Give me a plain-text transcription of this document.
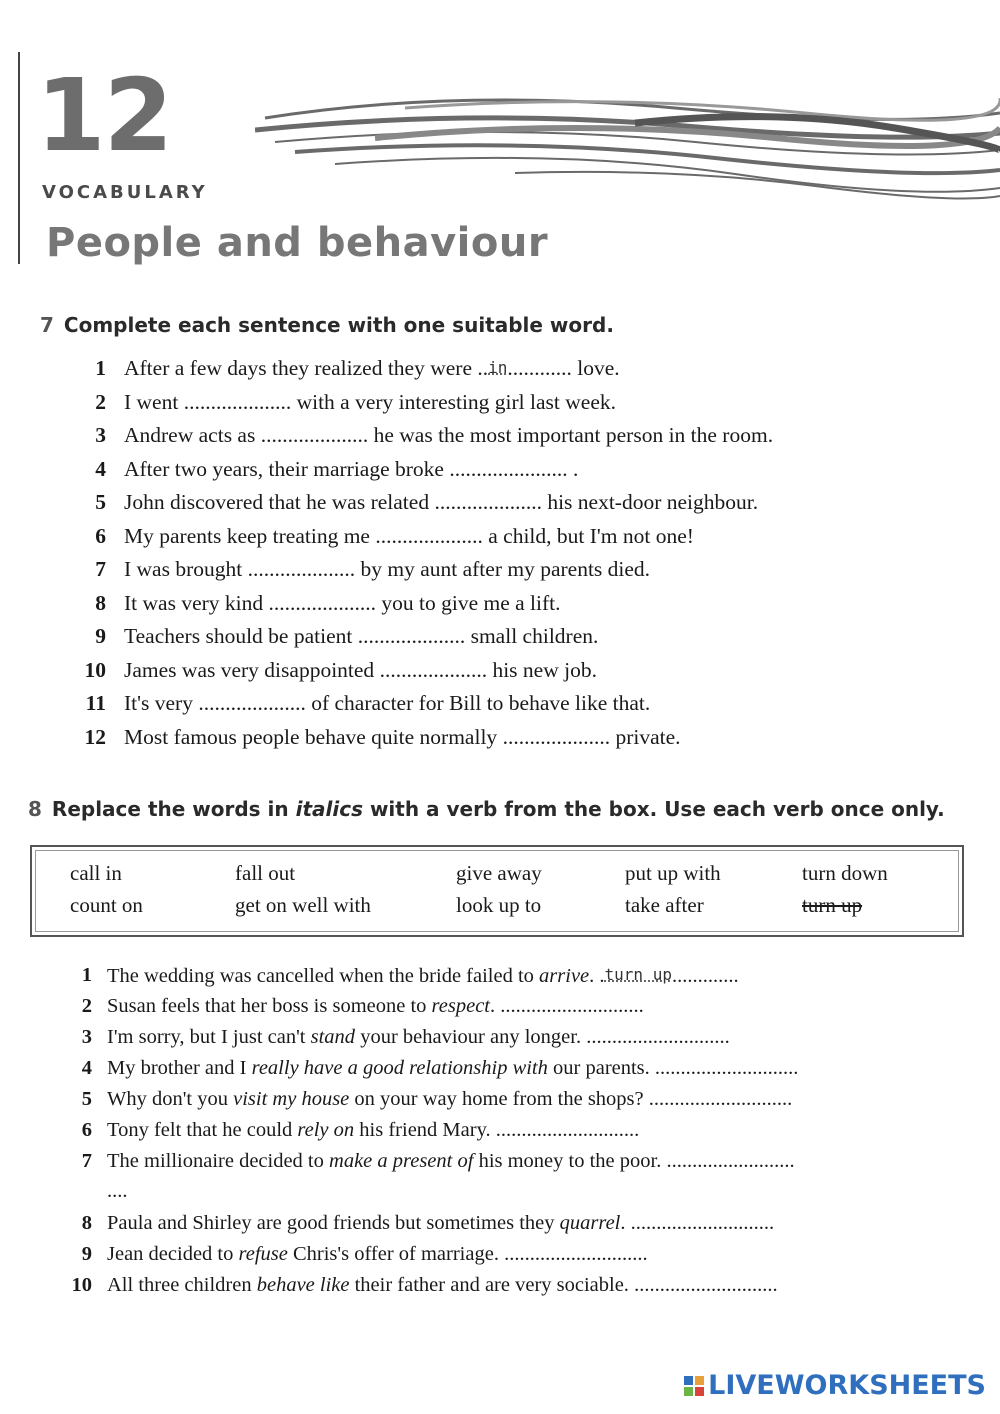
12
VOCABULARY
People and behaviour

7 Complete each sentence with one suitable word.

1 After a few days they realized they were ..in............ love.
2 I went .................... with a very interesting girl last week.
3 Andrew acts as .................... he was the most important person in the room.
4 After two years, their marriage broke ...................... .
5 John discovered that he was related .................... his next-door neighbour.
6 My parents keep treating me .................... a child, but I'm not one!
7 I was brought .................... by my aunt after my parents died.
8 It was very kind .................... you to give me a lift.
9 Teachers should be patient .................... small children.
10 James was very disappointed .................... his new job.
11 It's very .................... of character for Bill to behave like that.
12 Most famous people behave quite normally .................... private.

8 Replace the words in italics with a verb from the box. Use each verb once only.

call in	fall out	give away	put up with	turn down
count on	get on well with	look up to	take after	turn up
1 The wedding was cancelled when the bride failed to arrive. .turn up.............
2 Susan feels that her boss is someone to respect. ............................
3 I'm sorry, but I just can't stand your behaviour any longer. ............................
4 My brother and I really have a good relationship with our parents. ............................
5 Why don't you visit my house on your way home from the shops? ............................
6 Tony felt that he could rely on his friend Mary. ............................
7 The millionaire decided to make a present of his money to the poor. .........................
....
8 Paula and Shirley are good friends but sometimes they quarrel. ............................
9 Jean decided to refuse Chris's offer of marriage. ............................
10 All three children behave like their father and are very sociable. ............................
LIVEWORKSHEETS
